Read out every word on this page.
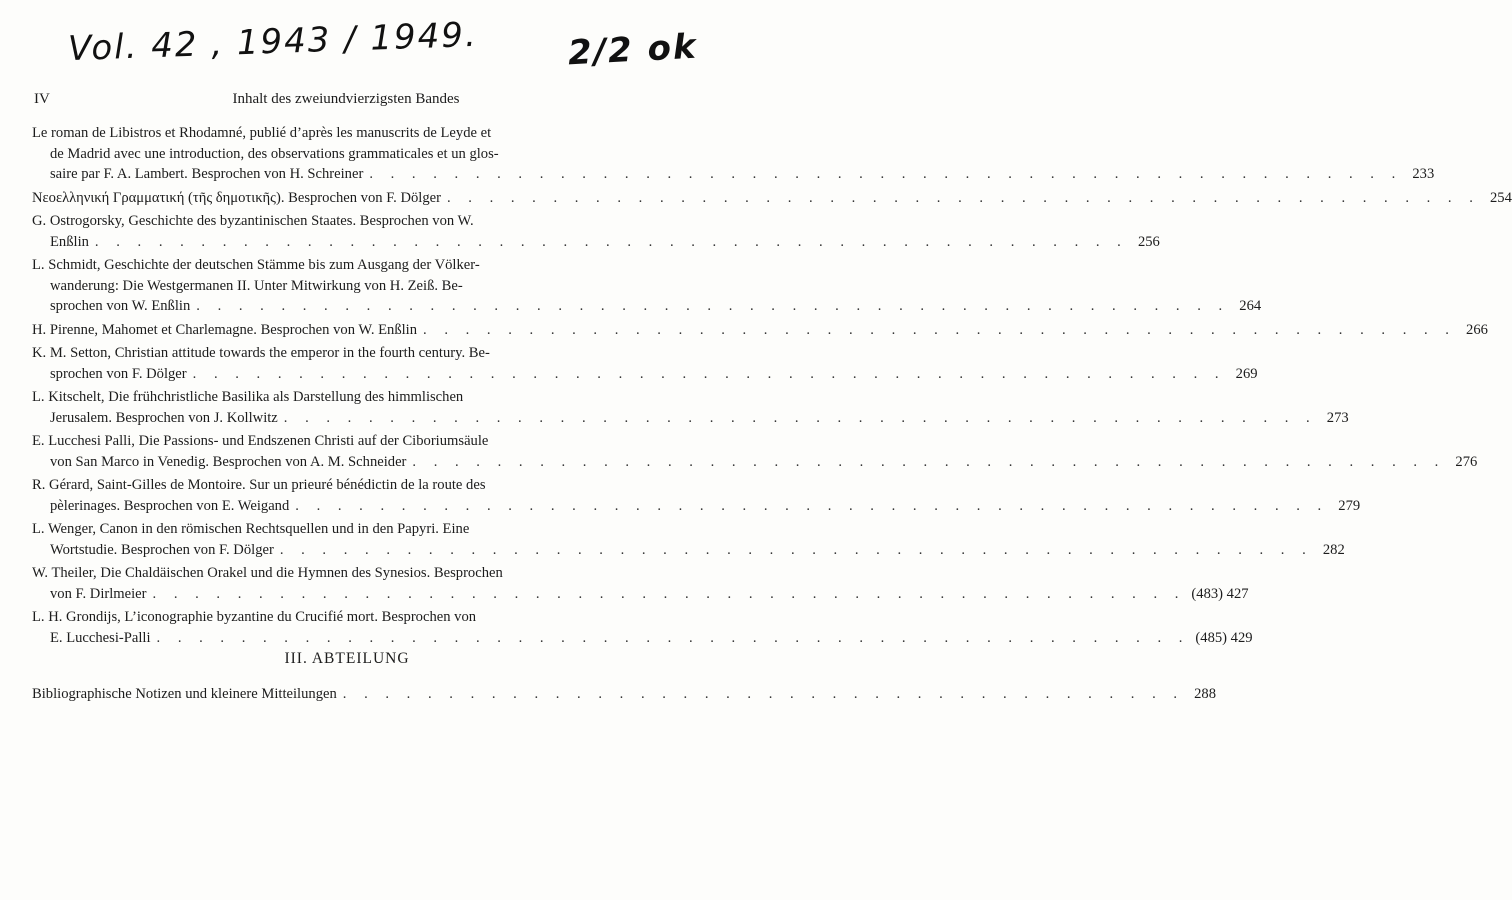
Vol. 42 , 1943 / 1949.	2/2 ok
IV	Inhalt des zweiundvierzigsten Bandes
Le roman de Libistros et Rhodamné, publié d’après les manuscrits de Leyde et
de Madrid avec une introduction, des observations grammaticales et un glos-
saire par F. A. Lambert. Besprochen von H. Schreiner . . . . . . . . . . . . . . . . . . . . . . . . . . . . . . . . . . . . . . . . . . . . . . . . . 233
Νεοελληνική Γραμματική (τῆς δημοτικῆς). Besprochen von F. Dölger . . . . . . . . . . . . . . . . . . . . . . . . . . . . . . . . . . . . . . . . . . . . . . . . . 254
G. Ostrogorsky, Geschichte des byzantinischen Staates. Besprochen von W.
Enßlin . . . . . . . . . . . . . . . . . . . . . . . . . . . . . . . . . . . . . . . . . . . . . . . . . 256
L. Schmidt, Geschichte der deutschen Stämme bis zum Ausgang der Völker-
wanderung: Die Westgermanen II. Unter Mitwirkung von H. Zeiß. Be-
sprochen von W. Enßlin . . . . . . . . . . . . . . . . . . . . . . . . . . . . . . . . . . . . . . . . . . . . . . . . . 264
H. Pirenne, Mahomet et Charlemagne. Besprochen von W. Enßlin . . . . . . . . . . . . . . . . . . . . . . . . . . . . . . . . . . . . . . . . . . . . . . . . . 266
K. M. Setton, Christian attitude towards the emperor in the fourth century. Be-
sprochen von F. Dölger . . . . . . . . . . . . . . . . . . . . . . . . . . . . . . . . . . . . . . . . . . . . . . . . . 269
L. Kitschelt, Die frühchristliche Basilika als Darstellung des himmlischen
Jerusalem. Besprochen von J. Kollwitz . . . . . . . . . . . . . . . . . . . . . . . . . . . . . . . . . . . . . . . . . . . . . . . . . 273
E. Lucchesi Palli, Die Passions- und Endszenen Christi auf der Ciboriumsäule
von San Marco in Venedig. Besprochen von A. M. Schneider . . . . . . . . . . . . . . . . . . . . . . . . . . . . . . . . . . . . . . . . . . . . . . . . . 276
R. Gérard, Saint-Gilles de Montoire. Sur un prieuré bénédictin de la route des
pèlerinages. Besprochen von E. Weigand . . . . . . . . . . . . . . . . . . . . . . . . . . . . . . . . . . . . . . . . . . . . . . . . . 279
L. Wenger, Canon in den römischen Rechtsquellen und in den Papyri. Eine
Wortstudie. Besprochen von F. Dölger . . . . . . . . . . . . . . . . . . . . . . . . . . . . . . . . . . . . . . . . . . . . . . . . . 282
W. Theiler, Die Chaldäischen Orakel und die Hymnen des Synesios. Besprochen
von F. Dirlmeier . . . . . . . . . . . . . . . . . . . . . . . . . . . . . . . . . . . . . . . . . . . . . . . . . (483) 427
L. H. Grondijs, L’iconographie byzantine du Crucifié mort. Besprochen von
E. Lucchesi-Palli . . . . . . . . . . . . . . . . . . . . . . . . . . . . . . . . . . . . . . . . . . . . . . . . . (485) 429
III. ABTEILUNG
Bibliographische Notizen und kleinere Mitteilungen . . . . . . . . . . . . . . . . . . . . . . . . . . . . . . . . . . . . . . . . 288
